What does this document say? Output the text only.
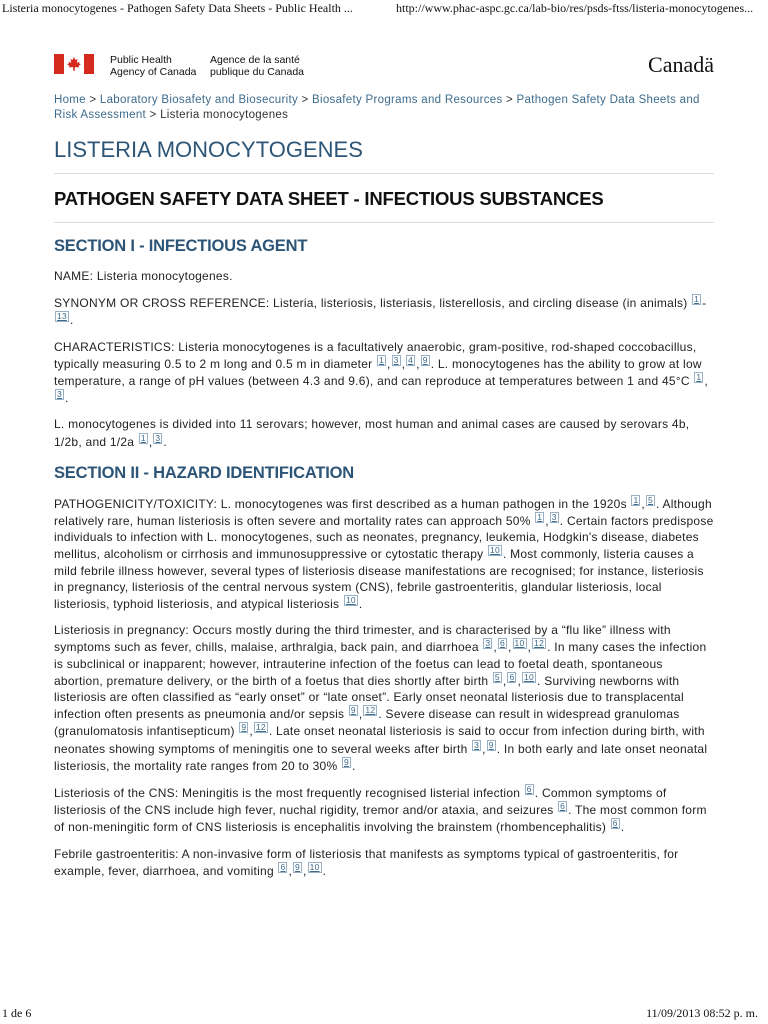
Listeria monocytogenes - Pathogen Safety Data Sheets - Public Health ...	http://www.phac-aspc.gc.ca/lab-bio/res/psds-ftss/listeria-monocytogenes...
Public Health
Agency of Canada
Agence de la santé
publique du Canada	Canadä
Home > Laboratory Biosafety and Biosecurity > Biosafety Programs and Resources > Pathogen Safety Data Sheets and Risk Assessment > Listeria monocytogenes
LISTERIA MONOCYTOGENES
PATHOGEN SAFETY DATA SHEET - INFECTIOUS SUBSTANCES
SECTION I - INFECTIOUS AGENT

NAME: Listeria monocytogenes.

SYNONYM OR CROSS REFERENCE: Listeria, listeriosis, listeriasis, listerellosis, and circling disease (in animals) 1 -13 .

CHARACTERISTICS: Listeria monocytogenes is a facultatively anaerobic, gram-positive, rod-shaped coccobacillus, typically measuring 0.5 to 2 m long and 0.5 m in diameter 1 , 3 , 4 , 9 . L. monocytogenes has the ability to grow at low temperature, a range of pH values (between 4.3 and 9.6), and can reproduce at temperatures between 1 and 45°C 1 ,3 .

L. monocytogenes is divided into 11 serovars; however, most human and animal cases are caused by serovars 4b, 1/2b, and 1/2a 1 , 3 .

SECTION II - HAZARD IDENTIFICATION

PATHOGENICITY/TOXICITY: L. monocytogenes was first described as a human pathogen in the 1920s 1 , 5 . Although relatively rare, human listeriosis is often severe and mortality rates can approach 50% 1 , 3 . Certain factors predispose individuals to infection with L. monocytogenes, such as neonates, pregnancy, leukemia, Hodgkin's disease, diabetes mellitus, alcoholism or cirrhosis and immunosuppressive or cytostatic therapy 10 . Most commonly, listeria causes a mild febrile illness however, several types of listeriosis disease manifestations are recognised; for instance, listeriosis in pregnancy, listeriosis of the central nervous system (CNS), febrile gastroenteritis, glandular listeriosis, local listeriosis, typhoid listeriosis, and atypical listeriosis 10 .

Listeriosis in pregnancy: Occurs mostly during the third trimester, and is characterised by a “flu like” illness with symptoms such as fever, chills, malaise, arthralgia, back pain, and diarrhoea 3 , 6 , 10 , 12 . In many cases the infection is subclinical or inapparent; however, intrauterine infection of the foetus can lead to foetal death, spontaneous abortion, premature delivery, or the birth of a foetus that dies shortly after birth 5 , 6 , 10 . Surviving newborns with listeriosis are often classified as “early onset” or “late onset”. Early onset neonatal listeriosis due to transplacental infection often presents as pneumonia and/or sepsis 9 , 12 . Severe disease can result in widespread granulomas (granulomatosis infantisepticum) 9 , 12 . Late onset neonatal listeriosis is said to occur from infection during birth, with neonates showing symptoms of meningitis one to several weeks after birth 3 , 9 . In both early and late onset neonatal listeriosis, the mortality rate ranges from 20 to 30% 9 .

Listeriosis of the CNS: Meningitis is the most frequently recognised listerial infection 6 . Common symptoms of listeriosis of the CNS include high fever, nuchal rigidity, tremor and/or ataxia, and seizures 6 . The most common form of non-meningitic form of CNS listeriosis is encephalitis involving the brainstem (rhombencephalitis) 6 .

Febrile gastroenteritis: A non-invasive form of listeriosis that manifests as symptoms typical of gastroenteritis, for example, fever, diarrhoea, and vomiting 6 , 9 , 10 .

1 de 6	11/09/2013 08:52 p. m.
